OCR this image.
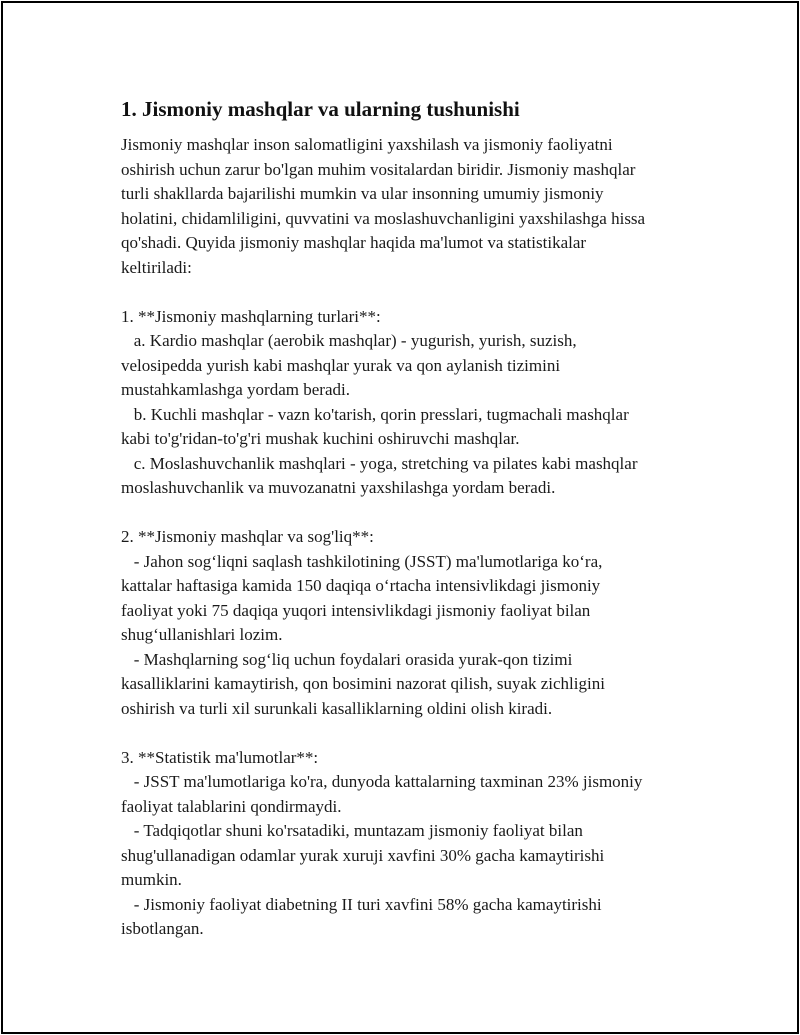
1. Jismoniy mashqlar va ularning tushunishi

Jismoniy mashqlar inson salomatligini yaxshilash va jismoniy faoliyatni
oshirish uchun zarur bo'lgan muhim vositalardan biridir. Jismoniy mashqlar
turli shakllarda bajarilishi mumkin va ular insonning umumiy jismoniy
holatini, chidamliligini, quvvatini va moslashuvchanligini yaxshilashga hissa
qo'shadi. Quyida jismoniy mashqlar haqida ma'lumot va statistikalar
keltiriladi:

1. **Jismoniy mashqlarning turlari**:
a. Kardio mashqlar (aerobik mashqlar) - yugurish, yurish, suzish,
velosipedda yurish kabi mashqlar yurak va qon aylanish tizimini
mustahkamlashga yordam beradi.
b. Kuchli mashqlar - vazn ko'tarish, qorin presslari, tugmachali mashqlar
kabi to'g'ridan-to'g'ri mushak kuchini oshiruvchi mashqlar.
c. Moslashuvchanlik mashqlari - yoga, stretching va pilates kabi mashqlar
moslashuvchanlik va muvozanatni yaxshilashga yordam beradi.

2. **Jismoniy mashqlar va sog'liq**:
- Jahon sog‘liqni saqlash tashkilotining (JSST) ma'lumotlariga ko‘ra,
kattalar haftasiga kamida 150 daqiqa o‘rtacha intensivlikdagi jismoniy
faoliyat yoki 75 daqiqa yuqori intensivlikdagi jismoniy faoliyat bilan
shug‘ullanishlari lozim.
- Mashqlarning sog‘liq uchun foydalari orasida yurak-qon tizimi
kasalliklarini kamaytirish, qon bosimini nazorat qilish, suyak zichligini
oshirish va turli xil surunkali kasalliklarning oldini olish kiradi.

3. **Statistik ma'lumotlar**:
- JSST ma'lumotlariga ko'ra, dunyoda kattalarning taxminan 23% jismoniy
faoliyat talablarini qondirmaydi.
- Tadqiqotlar shuni ko'rsatadiki, muntazam jismoniy faoliyat bilan
shug'ullanadigan odamlar yurak xuruji xavfini 30% gacha kamaytirishi
mumkin.
- Jismoniy faoliyat diabetning II turi xavfini 58% gacha kamaytirishi
isbotlangan.
